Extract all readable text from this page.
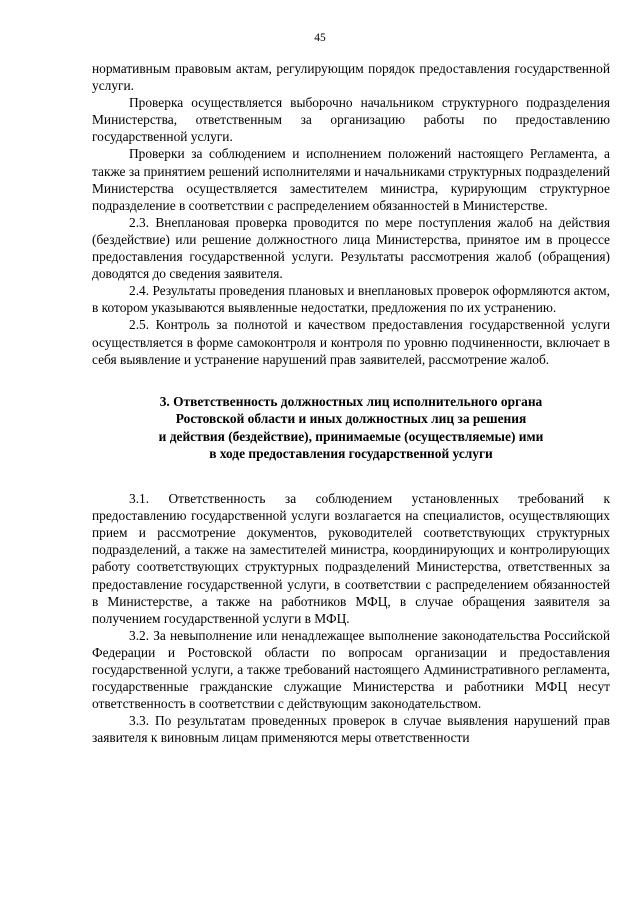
45

нормативным правовым актам, регулирующим порядок предоставления государственной услуги.

Проверка осуществляется выборочно начальником структурного подразделения Министерства, ответственным за организацию работы по предоставлению государственной услуги.

Проверки за соблюдением и исполнением положений настоящего Регламента, а также за принятием решений исполнителями и начальниками структурных подразделений Министерства осуществляется заместителем министра, курирующим структурное подразделение в соответствии с распределением обязанностей в Министерстве.

2.3. Внеплановая проверка проводится по мере поступления жалоб на действия (бездействие) или решение должностного лица Министерства, принятое им в процессе предоставления государственной услуги. Результаты рассмотрения жалоб (обращения) доводятся до сведения заявителя.

2.4. Результаты проведения плановых и внеплановых проверок оформляются актом, в котором указываются выявленные недостатки, предложения по их устранению.

2.5. Контроль за полнотой и качеством предоставления государственной услуги осуществляется в форме самоконтроля и контроля по уровню подчиненности, включает в себя выявление и устранение нарушений прав заявителей, рассмотрение жалоб.

3. Ответственность должностных лиц исполнительного органа
Ростовской области и иных должностных лиц за решения
и действия (бездействие), принимаемые (осуществляемые) ими
в ходе предоставления государственной услуги

3.1. Ответственность за соблюдением установленных требований к предоставлению государственной услуги возлагается на специалистов, осуществляющих прием и рассмотрение документов, руководителей соответствующих структурных подразделений, а также на заместителей министра, координирующих и контролирующих работу соответствующих структурных подразделений Министерства, ответственных за предоставление государственной услуги, в соответствии с распределением обязанностей в Министерстве, а также на работников МФЦ, в случае обращения заявителя за получением государственной услуги в МФЦ.

3.2. За невыполнение или ненадлежащее выполнение законодательства Российской Федерации и Ростовской области по вопросам организации и предоставления государственной услуги, а также требований настоящего Административного регламента, государственные гражданские служащие Министерства и работники МФЦ несут ответственность в соответствии с действующим законодательством.

3.3. По результатам проведенных проверок в случае выявления нарушений прав заявителя к виновным лицам применяются меры ответственности
